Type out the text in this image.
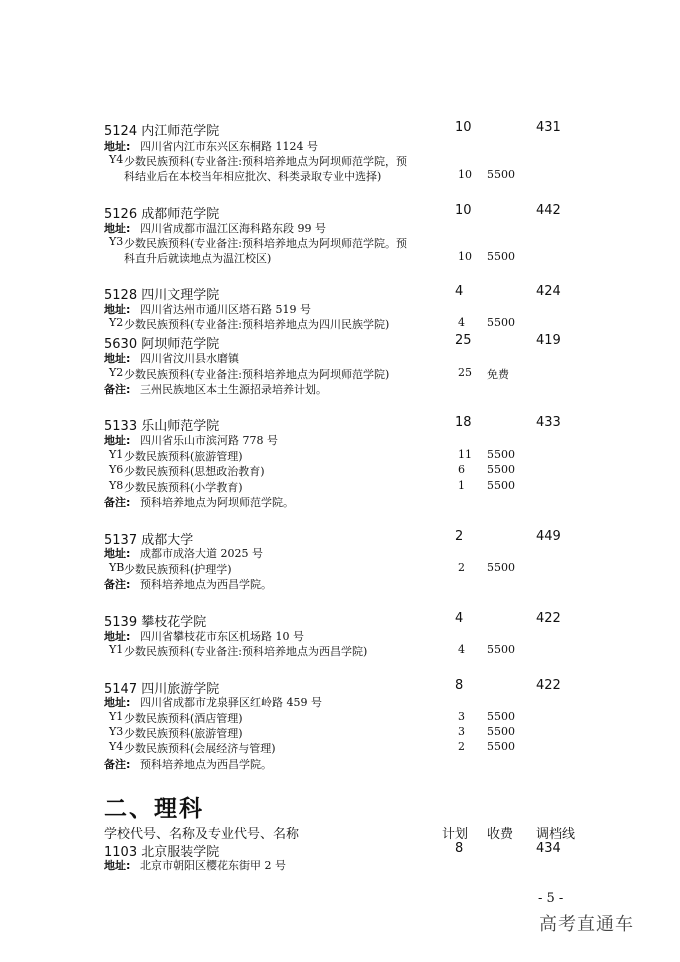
5124 内江师范学院	10	431
地址: 四川省内江市东兴区东桐路 1124 号
Y4 少数民族预科(专业备注:预科培养地点为阿坝师范学院，预
科结业后在本校当年相应批次、科类录取专业中选择)	10 5500
5126 成都师范学院	10	442
地址: 四川省成都市温江区海科路东段 99 号
Y3 少数民族预科(专业备注:预科培养地点为阿坝师范学院。预
科直升后就读地点为温江校区)	10 5500
5128 四川文理学院	4	424
地址: 四川省达州市通川区塔石路 519 号
Y2 少数民族预科(专业备注:预科培养地点为四川民族学院)	4 5500
5630 阿坝师范学院	25	419
地址: 四川省汶川县水磨镇
Y2 少数民族预科(专业备注:预科培养地点为阿坝师范学院)	25 免费
备注: 三州民族地区本土生源招录培养计划。
5133 乐山师范学院	18	433
地址: 四川省乐山市滨河路 778 号
Y1 少数民族预科(旅游管理)	11 5500
Y6 少数民族预科(思想政治教育)	6 5500
Y8 少数民族预科(小学教育)	1 5500
备注: 预科培养地点为阿坝师范学院。
5137 成都大学	2	449
地址: 成都市成洛大道 2025 号
YB 少数民族预科(护理学)	2 5500
备注: 预科培养地点为西昌学院。
5139 攀枝花学院	4	422
地址: 四川省攀枝花市东区机场路 10 号
Y1 少数民族预科(专业备注:预科培养地点为西昌学院)	4 5500
5147 四川旅游学院	8	422
地址: 四川省成都市龙泉驿区红岭路 459 号
Y1 少数民族预科(酒店管理)	3 5500
Y3 少数民族预科(旅游管理)	3 5500
Y4 少数民族预科(会展经济与管理)	2 5500
备注: 预科培养地点为西昌学院。
二、理科
学校代号、名称及专业代号、名称	计划 收费 调档线
1103 北京服装学院	8	434
地址: 北京市朝阳区樱花东街甲 2 号
- 5 -
高考直通车
